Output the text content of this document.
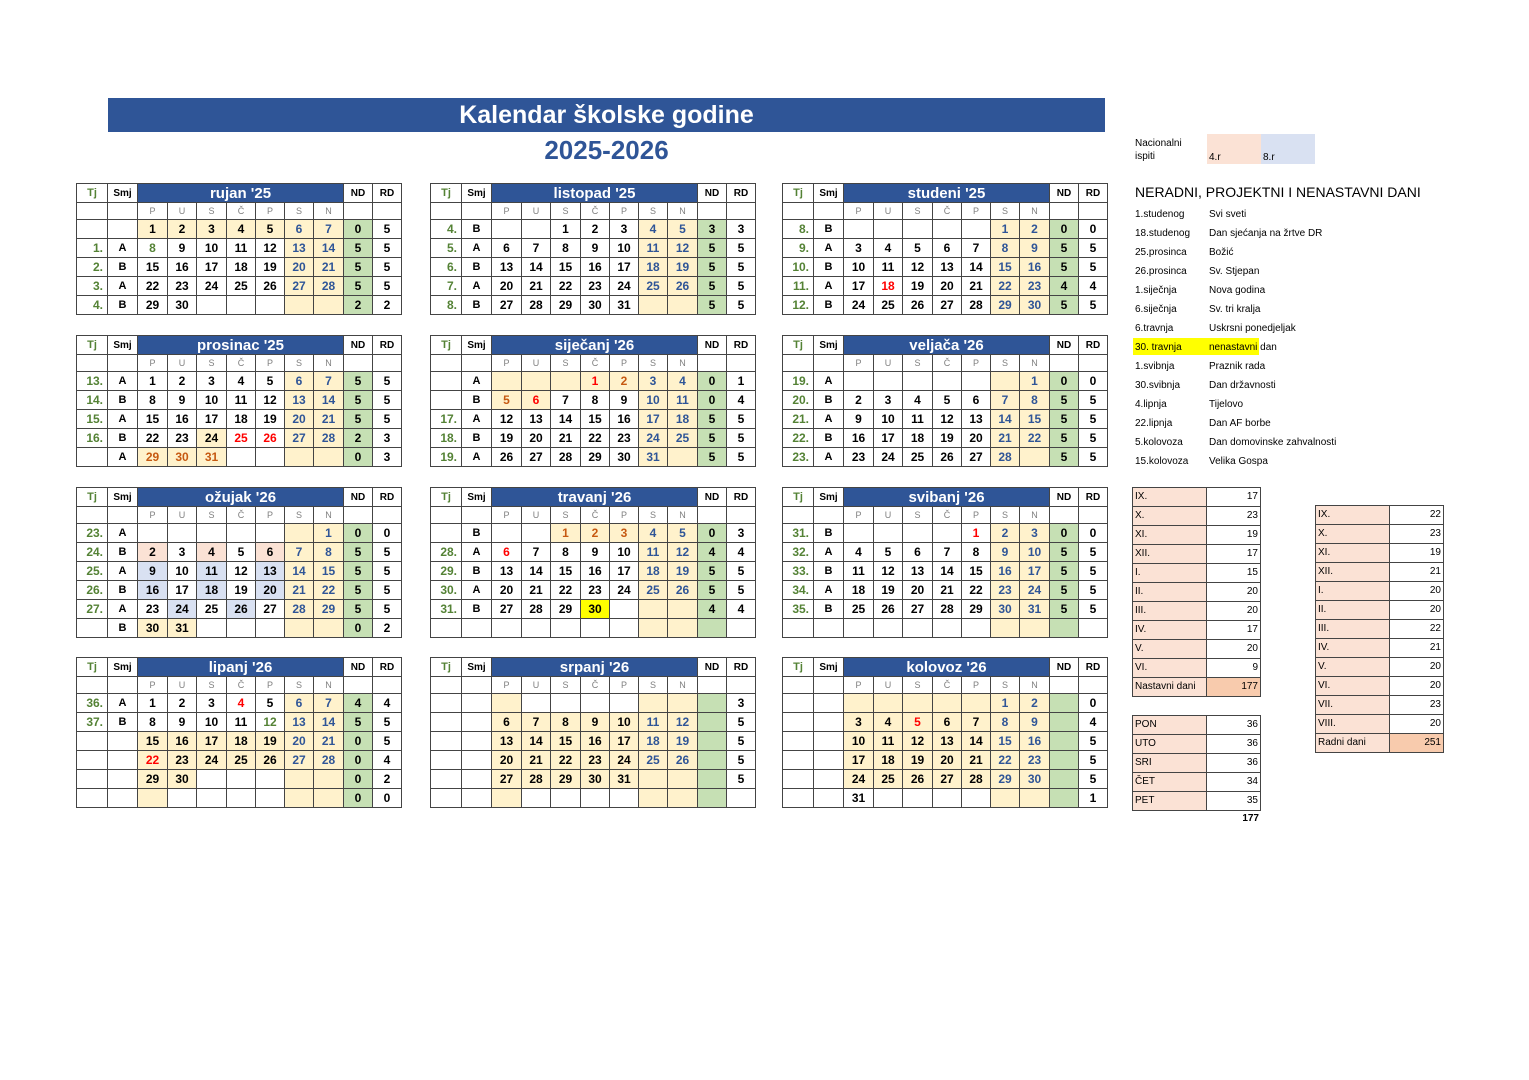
Kalendar školske godine
2025-2026	Nacionalni ispiti	4.r	8.r
Tj	Smj	rujan '25							ND	RD
		P	U	S	Č	P	S	N		
		1	2	3	4	5	6	7	0	5
1.	A	8	9	10	11	12	13	14	5	5
2.	B	15	16	17	18	19	20	21	5	5
3.	A	22	23	24	25	26	27	28	5	5
4.	B	29	30						2	2
Tj	Smj	listopad '25							ND	RD
		P	U	S	Č	P	S	N		
4.	B			1	2	3	4	5	3	3
5.	A	6	7	8	9	10	11	12	5	5
6.	B	13	14	15	16	17	18	19	5	5
7.	A	20	21	22	23	24	25	26	5	5
8.	B	27	28	29	30	31			5	5
Tj	Smj	studeni '25							ND	RD
		P	U	S	Č	P	S	N		
8.	B						1	2	0	0
9.	A	3	4	5	6	7	8	9	5	5
10.	B	10	11	12	13	14	15	16	5	5
11.	A	17	18	19	20	21	22	23	4	4
12.	B	24	25	26	27	28	29	30	5	5
Tj	Smj	prosinac '25							ND	RD
		P	U	S	Č	P	S	N		
13.	A	1	2	3	4	5	6	7	5	5
14.	B	8	9	10	11	12	13	14	5	5
15.	A	15	16	17	18	19	20	21	5	5
16.	B	22	23	24	25	26	27	28	2	3
	A	29	30	31					0	3
Tj	Smj	siječanj '26							ND	RD
		P	U	S	Č	P	S	N		
	A				1	2	3	4	0	1
	B	5	6	7	8	9	10	11	0	4
17.	A	12	13	14	15	16	17	18	5	5
18.	B	19	20	21	22	23	24	25	5	5
19.	A	26	27	28	29	30	31		5	5
Tj	Smj	veljača '26							ND	RD
		P	U	S	Č	P	S	N		
19.	A							1	0	0
20.	B	2	3	4	5	6	7	8	5	5
21.	A	9	10	11	12	13	14	15	5	5
22.	B	16	17	18	19	20	21	22	5	5
23.	A	23	24	25	26	27	28		5	5
Tj	Smj	ožujak '26							ND	RD
		P	U	S	Č	P	S	N		
23.	A							1	0	0
24.	B	2	3	4	5	6	7	8	5	5
25.	A	9	10	11	12	13	14	15	5	5
26.	B	16	17	18	19	20	21	22	5	5
27.	A	23	24	25	26	27	28	29	5	5
	B	30	31						0	2
Tj	Smj	travanj '26							ND	RD
		P	U	S	Č	P	S	N		
	B			1	2	3	4	5	0	3
28.	A	6	7	8	9	10	11	12	4	4
29.	B	13	14	15	16	17	18	19	5	5
30.	A	20	21	22	23	24	25	26	5	5
31.	B	27	28	29	30				4	4

Tj	Smj	svibanj '26							ND	RD
		P	U	S	Č	P	S	N		
31.	B					1	2	3	0	0
32.	A	4	5	6	7	8	9	10	5	5
33.	B	11	12	13	14	15	16	17	5	5
34.	A	18	19	20	21	22	23	24	5	5
35.	B	25	26	27	28	29	30	31	5	5

Tj	Smj	lipanj '26							ND	RD
		P	U	S	Č	P	S	N		
36.	A	1	2	3	4	5	6	7	4	4
37.	B	8	9	10	11	12	13	14	5	5
		15	16	17	18	19	20	21	0	5
		22	23	24	25	26	27	28	0	4
		29	30						0	2
									0	0
Tj	Smj	srpanj '26							ND	RD
		P	U	S	Č	P	S	N		
										3
		6	7	8	9	10	11	12		5
		13	14	15	16	17	18	19		5
		20	21	22	23	24	25	26		5
		27	28	29	30	31				5

Tj	Smj	kolovoz '26							ND	RD
		P	U	S	Č	P	S	N		
							1	2		0
		3	4	5	6	7	8	9		4
		10	11	12	13	14	15	16		5
		17	18	19	20	21	22	23		5
		24	25	26	27	28	29	30		5
		31								1
NERADNI, PROJEKTNI I NENASTAVNI DANI
1.studenog Svi sveti
18.studenog Dan sjećanja na žrtve DR
25.prosinca Božić
26.prosinca Sv. Stjepan
1.siječnja	Nova godina
6.siječnja	Sv. tri kralja
6.travnja	Uskrsni ponedjeljak
30. travnja	nenastavni dan
1.svibnja	Praznik rada
30.svibnja	Dan državnosti
4.lipnja	Tijelovo
22.lipnja	Dan AF borbe
5.kolovoza	Dan domovinske zahvalnosti
15.kolovoza Velika Gospa
IX.	17
X.	23
XI.	19
XII.	17
I.	15
II.	20
III.	20
IV.	17
V.	20
VI.	9
Nastavni dani	177
IX.	22
X.	23
XI.	19
XII.	21
I.	20
II.	20
III.	22
IV.	21
V.	20
VI.	20
VII.	23
VIII.	20
Radni dani	251
PON	36
UTO	36
SRI	36
ČET	34
PET	35
177
